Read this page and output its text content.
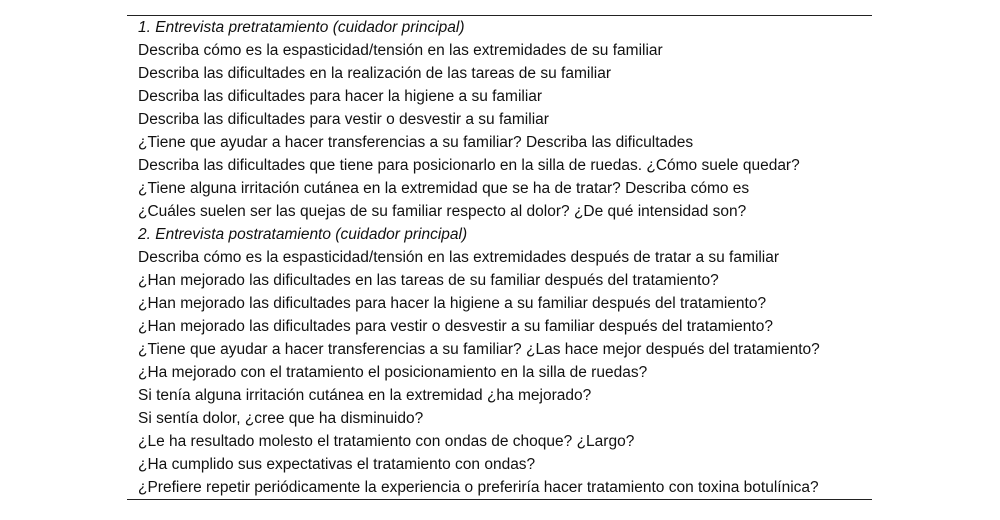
1. Entrevista pretratamiento (cuidador principal)
Describa cómo es la espasticidad/tensión en las extremidades de su familiar
Describa las dificultades en la realización de las tareas de su familiar
Describa las dificultades para hacer la higiene a su familiar
Describa las dificultades para vestir o desvestir a su familiar
¿Tiene que ayudar a hacer transferencias a su familiar? Describa las dificultades
Describa las dificultades que tiene para posicionarlo en la silla de ruedas. ¿Cómo suele quedar?
¿Tiene alguna irritación cutánea en la extremidad que se ha de tratar? Describa cómo es
¿Cuáles suelen ser las quejas de su familiar respecto al dolor? ¿De qué intensidad son?
2. Entrevista postratamiento (cuidador principal)
Describa cómo es la espasticidad/tensión en las extremidades después de tratar a su familiar
¿Han mejorado las dificultades en las tareas de su familiar después del tratamiento?
¿Han mejorado las dificultades para hacer la higiene a su familiar después del tratamiento?
¿Han mejorado las dificultades para vestir o desvestir a su familiar después del tratamiento?
¿Tiene que ayudar a hacer transferencias a su familiar? ¿Las hace mejor después del tratamiento?
¿Ha mejorado con el tratamiento el posicionamiento en la silla de ruedas?
Si tenía alguna irritación cutánea en la extremidad ¿ha mejorado?
Si sentía dolor, ¿cree que ha disminuido?
¿Le ha resultado molesto el tratamiento con ondas de choque? ¿Largo?
¿Ha cumplido sus expectativas el tratamiento con ondas?
¿Prefiere repetir periódicamente la experiencia o preferiría hacer tratamiento con toxina botulínica?
